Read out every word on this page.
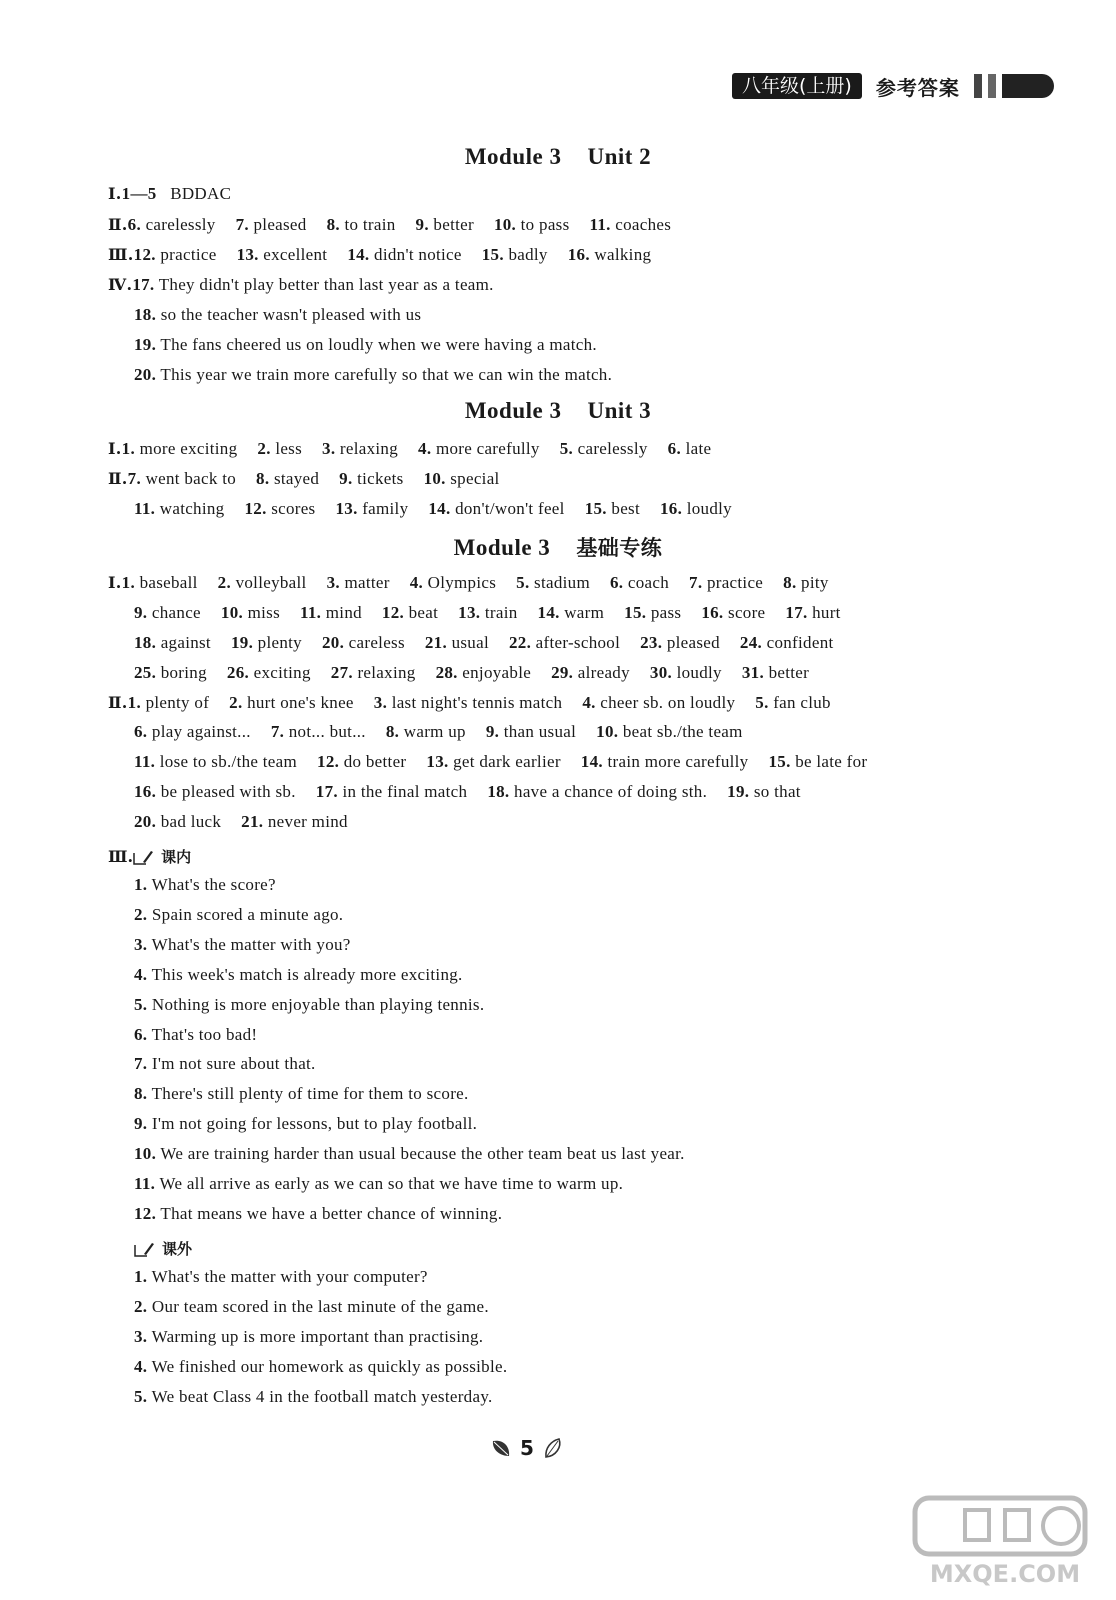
八年级(上册)	参考答案
Module 3 Unit 2
Ⅰ.1—5 BDDAC
Ⅱ.6. carelessly 7. pleased 8. to train 9. better 10. to pass 11. coaches
Ⅲ.12. practice 13. excellent 14. didn't notice 15. badly 16. walking
Ⅳ.17. They didn't play better than last year as a team.
18. so the teacher wasn't pleased with us
19. The fans cheered us on loudly when we were having a match.
20. This year we train more carefully so that we can win the match.
Module 3 Unit 3
Ⅰ.1. more exciting 2. less 3. relaxing 4. more carefully 5. carelessly 6. late
Ⅱ.7. went back to 8. stayed 9. tickets 10. special
11. watching 12. scores 13. family 14. don't/won't feel 15. best 16. loudly
Module 3 基础专练
Ⅰ.1. baseball 2. volleyball 3. matter 4. Olympics 5. stadium 6. coach 7. practice 8. pity
9. chance 10. miss 11. mind 12. beat 13. train 14. warm 15. pass 16. score 17. hurt
18. against 19. plenty 20. careless 21. usual 22. after-school 23. pleased 24. confident
25. boring 26. exciting 27. relaxing 28. enjoyable 29. already 30. loudly 31. better
Ⅱ.1. plenty of 2. hurt one's knee 3. last night's tennis match 4. cheer sb. on loudly 5. fan club
6. play against... 7. not... but... 8. warm up 9. than usual 10. beat sb./the team
11. lose to sb./the team 12. do better 13. get dark earlier 14. train more carefully 15. be late for
16. be pleased with sb. 17. in the final match 18. have a chance of doing sth. 19. so that
20. bad luck 21. never mind
Ⅲ. 课内
1. What's the score?
2. Spain scored a minute ago.
3. What's the matter with you?
4. This week's match is already more exciting.
5. Nothing is more enjoyable than playing tennis.
6. That's too bad!
7. I'm not sure about that.
8. There's still plenty of time for them to score.
9. I'm not going for lessons, but to play football.
10. We are training harder than usual because the other team beat us last year.
11. We all arrive as early as we can so that we have time to warm up.
12. That means we have a better chance of winning.
课外
1. What's the matter with your computer?
2. Our team scored in the last minute of the game.
3. Warming up is more important than practising.
4. We finished our homework as quickly as possible.
5. We beat Class 4 in the football match yesterday.
5
MXQE.COM
